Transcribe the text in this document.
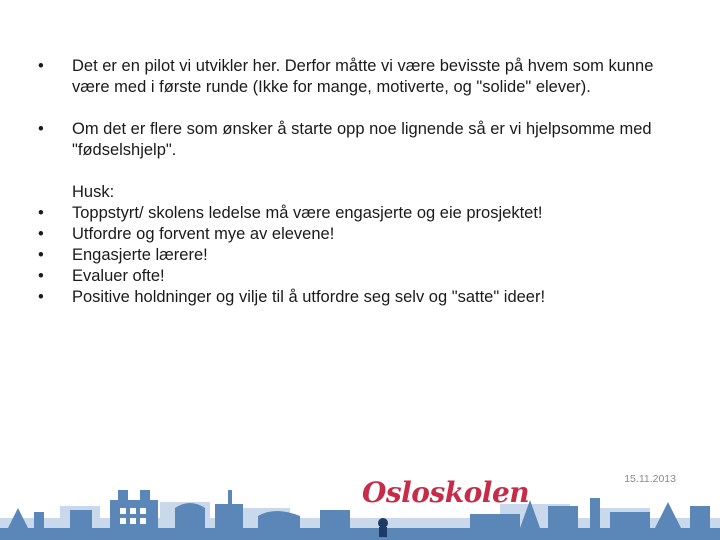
•	Det er en pilot vi utvikler her. Derfor måtte vi være bevisste på hvem som kunne være med i første runde (Ikke for mange, motiverte, og "solide" elever).
•	Om det er flere som ønsker å starte opp noe lignende så er vi hjelpsomme med "fødselshjelp".
Husk:
•	Toppstyrt/ skolens ledelse må være engasjerte og eie prosjektet!
•	Utfordre og forvent mye av elevene!
•	Engasjerte lærere!
•	Evaluer ofte!
•	Positive holdninger og vilje til å utfordre seg selv og "satte" ideer!
15.11.2013
Osloskolen
